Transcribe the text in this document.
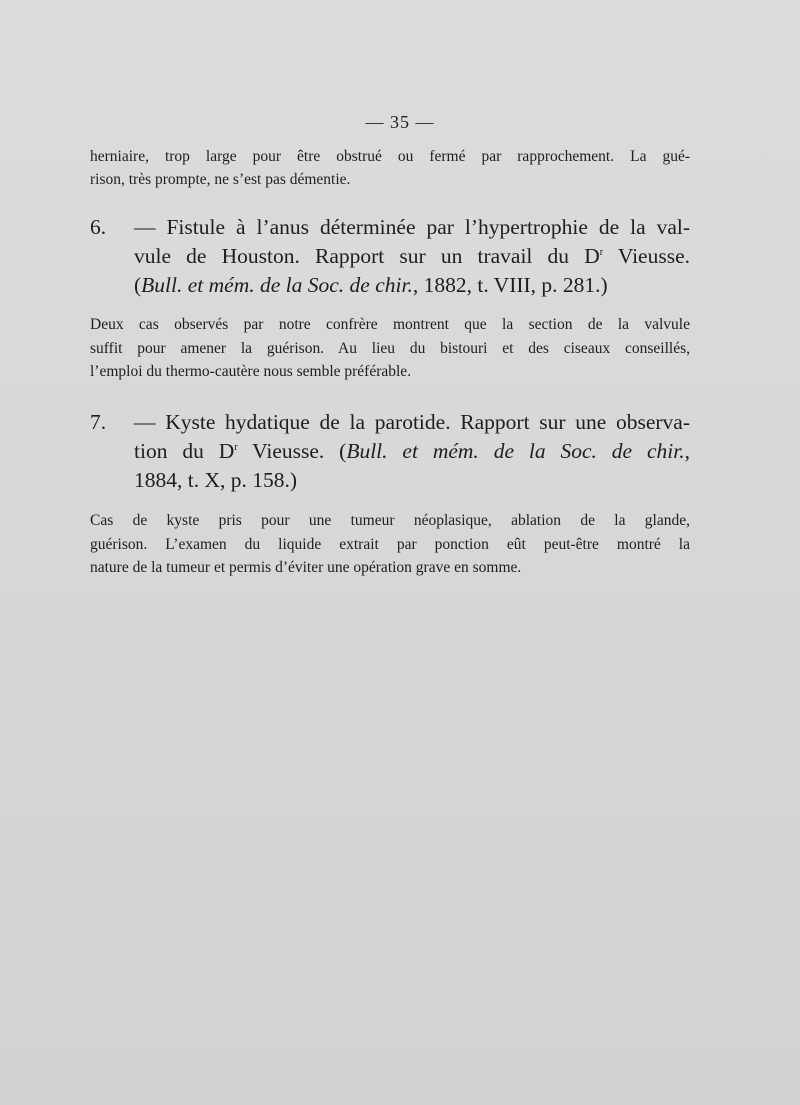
— 35 —
herniaire, trop large pour être obstrué ou fermé par rapprochement. La gué-
rison, très prompte, ne s’est pas démentie.
6. — Fistule à l’anus déterminée par l’hypertrophie de la val-
vule de Houston. Rapport sur un travail du $D^r$ Vieusse.
(Bull. et mém. de la Soc. de chir., 1882, t. VIII, p. 281.)
Deux cas observés par notre confrère montrent que la section de la valvule
suffit pour amener la guérison. Au lieu du bistouri et des ciseaux conseillés,
l’emploi du thermo-cautère nous semble préférable.
7. — Kyste hydatique de la parotide. Rapport sur une observa-
tion du $D^r$ Vieusse. (Bull. et mém. de la Soc. de chir.,
1884, t. X, p. 158.)
Cas de kyste pris pour une tumeur néoplasique, ablation de la glande,
guérison. L’examen du liquide extrait par ponction eût peut-être montré la
nature de la tumeur et permis d’éviter une opération grave en somme.
